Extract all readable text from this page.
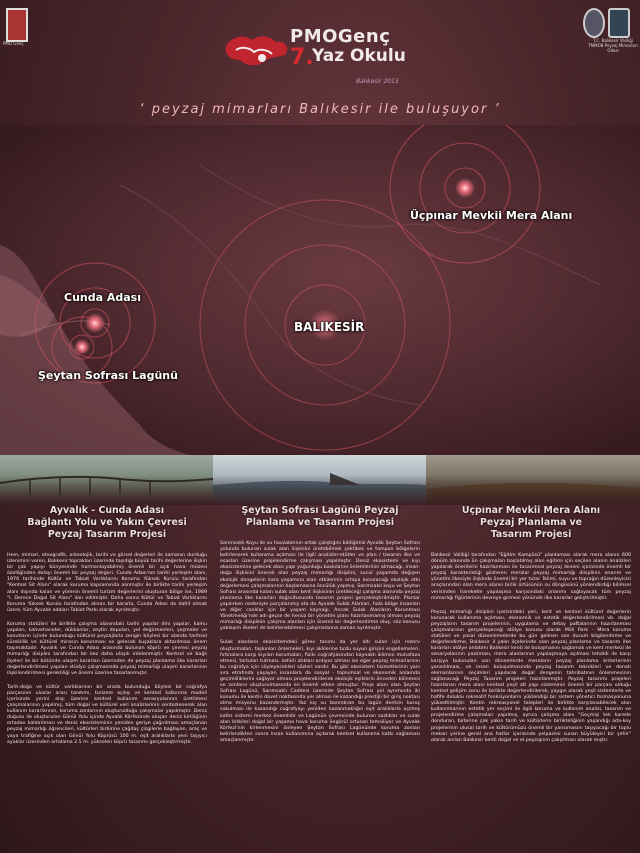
PMO Genç
T.C. Balıkesir Valiliği
TMMOB Peyzaj Mimarları Odası
PMOGenç
7.
Yaz Okulu
Balıkesir 2013
‘ peyzaj mimarları Balıkesir ile buluşuyor ’
Üçpınar Mevkii Mera Alanı
Cunda Adası
BALIKESİR
Şeytan Sofrası Lagünü
Ayvalık - Cunda Adası
Bağlantı Yolu ve Yakın Çevresi
Peyzaj Tasarım Projesi

Hem, mimari, etnografik, arkeolojik, tarihi ve görsel değerleri ile zamanın durduğu izlenimini veren, Balıkesir toprakları üzerinde taşıdığı büyük tarihi değerlerine ilişkin bir çok yapıyı bünyesinde harmanlayabilmiş önemli bir açık hava müzesi özelliğinden dolayı önemli bir peyzaj değeri. Cunda Adası'nın tarihi yerleşim alanı, 1976 tarihinde Kültür ve Tabiat Varlıklarını Koruma Yüksek Kurulu tarafından "Kentsel Sit Alanı" olarak koruma kapsamında alınmıştır ile birlikte tarihi yerleşim alanı dışında kalan ve yörenin önemli turizm değerlerini oluşturan bölge ise, 1989 "I. Derece Doğal Sit Alanı" ilan edilmiştir. Daha sonra Kültür ve Tabiat Varlıklarını Koruma Yüksek Kurulu tarafından alınan bir kararla, Cunda Adası da dahil olmak üzere, tüm Ayvalık adaları Tabiat Parkı olarak ayrılmıştır.

Koruma statüleri ile birlikte çalışma alanındaki tarihi yapılar dini yapılar, kamu yapıları, kahvehaneler, dükkanlar, zeytin depoları, yel değirmenleri, çeşmeler ve konutların içinde bulunduğu kültürel peyzajlarla zengin böylesi bir alanda tarihsel süreklilik ve kültürel mirasın korunması ve gelecek kuşaklara aktarılması önem taşımaktadır. Ayvalık ve Cunda Adası arasında bulunan köprü ve çevresi peyzaj mimarlığı disiplini tarafından bir kez daha ulaşık irdelenmiştir. Kentsel ve bağlı ilçeleri ile bir bütünde ulaşım kararları üzerinden de peyzaj planlama ilke kararları değerlendirilmesi yapılan stüdyo çalışmasında peyzaj mimarlığı ulaşım kararlarının ilişkilendirilmesi gerekliliği ve önemi üzerine tasarlanmıştır.

Tarih-doğa ve kültür varlıklarının bir arada bulunduğu böylesi bir coğrafya parçasının uluslar arası tanıtımı, turizme açılışı ve kentsel kalkınma modeli içerisinde yerini alışı üzerine kentsel kullanım senaryolarının üretilmesi çalışmalarının yapılmış, tüm doğal ve kültürel veri analizlerinin sentezlenerek alan kullanım kararlarının, koruma zonlarının oluşturulduğu çalışmalar yapılmıştır. Deniz doğusu ile oluşturulan Gönül Yolu içinde Ayvalık Körfezinde oluşan deniz kirliliğinin ortadan kaldırılması ve deniz ekosisteminin yeniden geriye çağırılması amaçlanan peyzaj mimarlığı öğrencileri, kültürleri birbirine çağdaş çizgilerle bağlayan, araç ve yaya trafiğine açık olan Gönül Yolu Köprüsü 100 m. eşit aralıklarla yeni taşıyıcı ayaklar üzerinden ortalama 2.5 m. yükselen köprü tasarımı gerçekleştirmiştir.

Şeytan Sofrası Lagünü Peyzaj
Planlama ve Tasarım Projesi

Sarımsaklı Koyu ile su havzalarının ortak çalıştığını bildiğimiz Ayvalık Şeytan Sofrası yolunda bulunan sulak alan ilişkisini üretebilmek çektikek ve tampon bölgelerin belirlenerek kullanıma açılması ile ilgili analizler-etütler ve plan / tasarım ilke ve esasları üzerine projelendirme çalışması yapılmıştır. Deniz ekosistemi ve kıyı ekosistemine gelecek olası yapı yoğunluğu baskılarını önlemlerinin almacağı, insan-doğa ilişkisini önecek olan peyzaj mimarlığı disiplini, sucul yaşamda değişen ekolojik dengelerin kara yaşamına olan etkilerinin ortaya konulacağı ekolojik etki değerlemesi çalışmalarının başlamasına öncülük yapmış. Sarımsaklı koyu ve Şeytan Sofrası arasında kalan sulak alan kent ilişkisinin üretileceği çalışma alanında peyzaj planlama ilke kararları doğrultusunda tasarım projesi gerçekleştirilmiştir. Planlar yapılırken nedeniyle parçalanmış ota da Ayvalık Sulak Alanları, hala bölge insanları ve diğer canlılar için bir yaşam kaynağı. Ancak Sulak Alanların Korunması Yönetmeliği'nde adı geçse de henüz bir yönetim planı hazırlanmamış olması peyzaj mimarlığı disiplinin çalışma alanları için önemli bir değerlendirme oluş, söz konusu yaklaşım ilkeleri de belirlenebilmesi çalışmalarına zaman ayrılmıştır.

Sulak alanların ekosistemdeki görev tanımı da yer altı suları için rezerv oluşturmaları, taşkınları önlemeleri, kıyı aklılerine tuzlu suyun girişini engellemeleri, fırtınalara karşı kıyıları korumaları, fiziki coğrafyasından kaynaklı iklimini muhafaza etmesi, tortuları tutması, zehirli atıkları arıtıyor olması ise eğer peyzaj mimarlarının bu coğrafya için söyleyecekleri sözleri vardır. Bu gibi ekosistem hizmetlerinin yanı sıra etrafında yaşayan insanlara da sosyal - toplumsal ve ekonomik anlamda geçimliliklerini sağlıyor olması projelendirilecek ekolojik eşiklerin önceden bilinmesi ve zonların oluşturulmasında en önemli etken olmuştur. Proje alanı olan Şeytan Sofrası Lagünü, Sarımsaklı Caddesi üzerinde Şeytan Sofrası yol ayrımında iki konumu ile kentin davet noktasında yer alması ile kazandığı prestijli bir giriş noktası olma misyonu kazandırmıştır. Yaz kış su barındıran bu lagün dentsin kuruş sokulması ile kazandığı coğrafyayı yeniden kazanmaklığın eşit aralıklarla açılmış kafes sistemi merkez önemlidir ve Lagünün çevresinde bulunan sazlıklar ve sulak alan bitkileri doğal bir yaşama hava koruma öngörül ortusan temsiliyor ve Ayvalık Körfezi'nin kirlenmesini önleyen Şeytan Sofrası Lagününde koruma zonları belirlendikten sonra insan kullanımına açılarak kentsel kullanıma katkı sağlaması amaçlanmıştır.

Üçpınar Mevkii Mera Alanı
Peyzaj Planlama ve
Tasarım Projesi

Balıkesir Valiliği tarafından "Eğitim Kampüsü" planlaması olarak mera alanın 600 dönüm alanında ön çalışmaları başlatılmış olan eğitimi için seçilen alanın analizleri yapılarak önerilerin hazırlanması ile tasarımsal peyzaj deseni içerisinde önemli bir peyzaj karakteristiği gösteren meralar peyzaj mimarlığı disiplinin onarım ve yönetim ilkesiyle ilişkinde önemli bir yer tutar. İklimi, suyu ve toprağın düzenleyicisi araçlarından olan mera alanın birlik örtüsünün su döngüsünü yönlendirdiği bilimsel verisinden hareketle yapılaşma karşısındaki onarımı sağlayacak tüm peyzaj mimarlığı figürlerinin devreye girmesi yönünde ilke kararlar geliştirilmiştir.

Peyzaj mimarlığı disiplini içerisindeki yeri, kent ve kentsel kültürel değerlerin korunarak kullanıma açılması, ekonomik ve estetik değerlendirilmesi vb. doğal peyzajların tasarım projelerinin, uygulama ve detay paftalarının hazırlanması çalışmalarının gerçekleşeceği atölye konusu olarak Milli Park - Mera koruma statüleri ve yasal düzenlemelerde bu gün gelinen son durum bilgilendirme ve değerlendirme, Balıkesir il yalın ilçelerinde olan peyzaj planlama ve tasarım ilke kararları atölye anlatımı Balıkesir kenti ile buluşmasını sağlamak ve kent merkezi ile senaryolarının yazılması, mera alanlarının yapılaşmaya açılması tehdidi ile karşı karşıya bulunulan son dönemlerde meraların peyzaj planlama kriterlerinin yansıtılması, ve insan buluşulmasında peyzaj tasarım teknikleri ve donatı elemanlarının seçimleri yapılarak doğal dengenin tahribatının önlenmesinin sağlanacağı Peyzaj Tasarım projeleri hazırlanmıştır. Peyzaj tasarımı projeleri hazırlanan mera alanı kentsel yeşil alt yapı sisteminin önemli bir parçası olduğu kentsel gelişim zonu ile birlikte değerlendirilerek, yaygın olarak yeşil sistemlerle ve hafife doluklu rekreatif fonksiyonların yüklendiği bir sistem yönetici formasyonuna yükseltilmiştir. Kentin rekreasyonel talepleri ile birlikte karşılanabilecek alan kullanımlarının estetik yer seçimi ile ilgili koruma ve kullanım analizi, tasarım ve projelendirme çalışmaları yapılmış, ayrıca çalışma alanı "Geçmişi tek karede donduran, birbirine çok yakın tarih ve kültürlerin birlikteliğinin yaşandığı ada-koy projelerinin ulusal tarih ve kültürümüzü önemli bir yansımasını taşıyacağı bir toplu mekan yerine genel ana hatlar içerisinde yelpazesi sunan büyüleyici bir şehir" olarak anılan Balıkesir kenti doğal ve el peyzajının çalışılması olarak mıştır.
